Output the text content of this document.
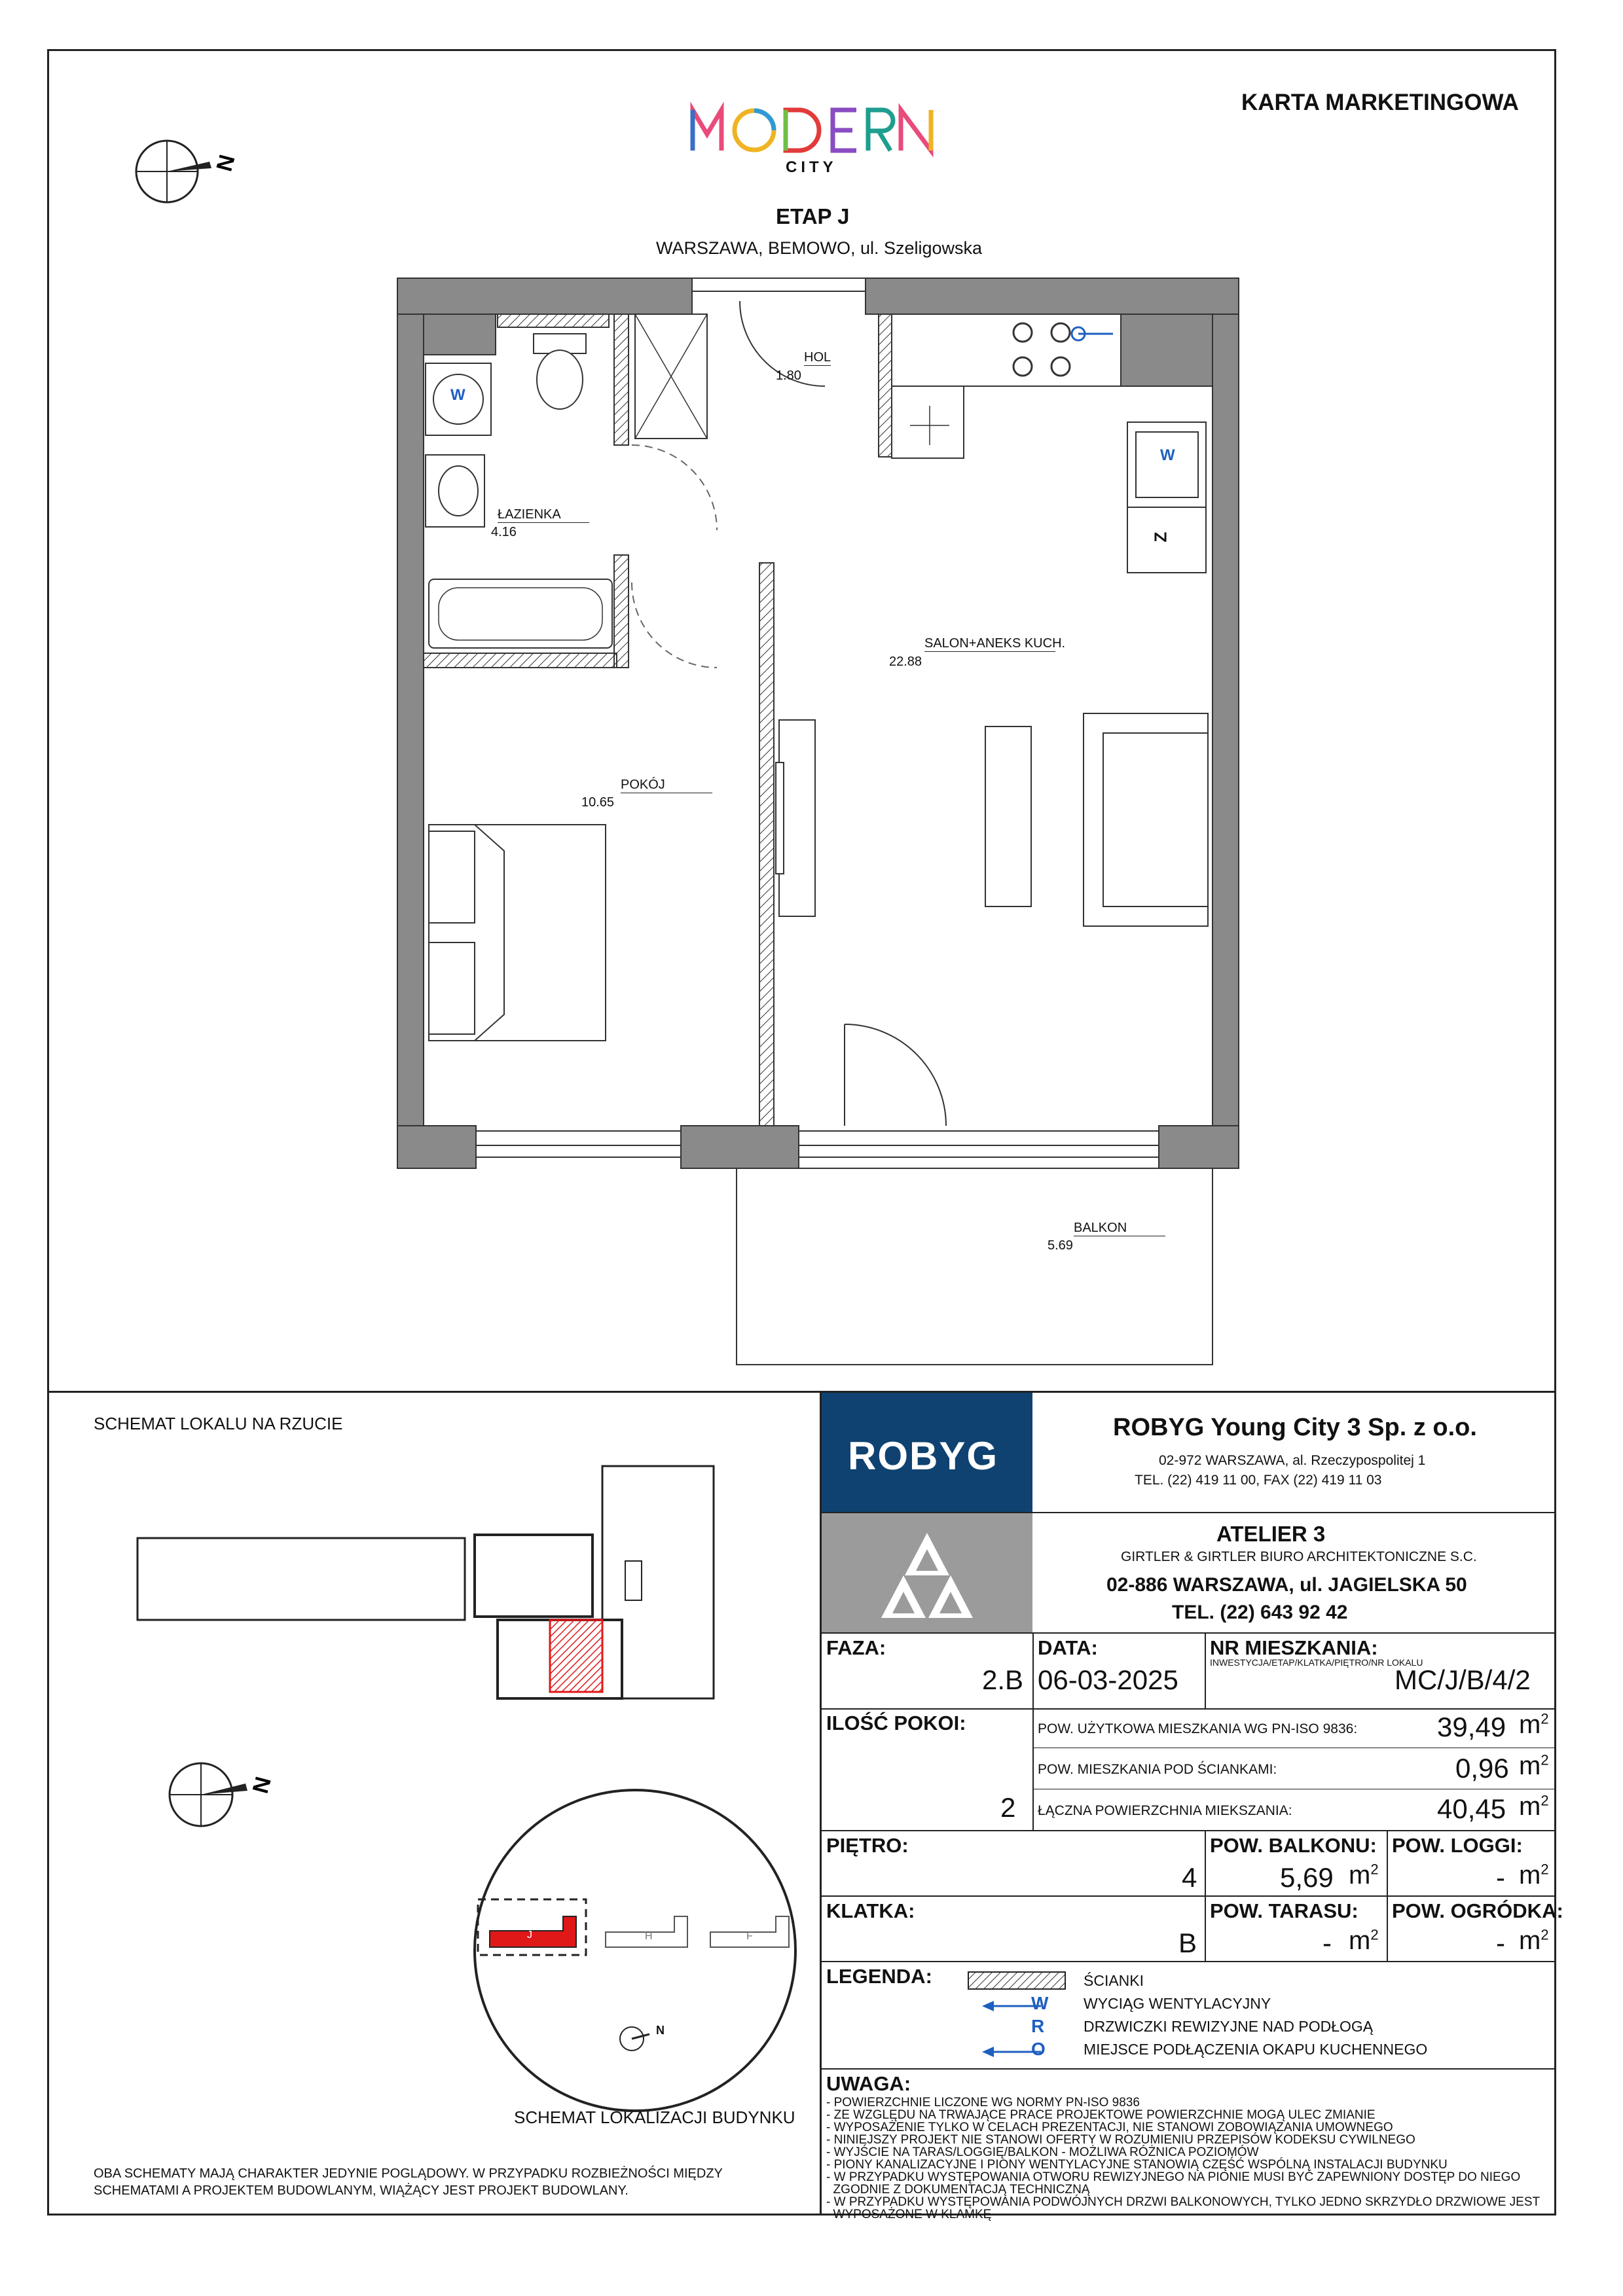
KARTA MARKETINGOWA
CITY
ETAP J
WARSZAWA, BEMOWO, ul. Szeligowska
N
HOL
1.80
ŁAZIENKA
4.16
SALON+ANEKS KUCH.
22.88
POKÓJ
10.65
BALKON
5.69
W
W
Z
SCHEMAT LOKALU NA RZUCIE
N
J	H	F
N
SCHEMAT LOKALIZACJI BUDYNKU
OBA SCHEMATY MAJĄ CHARAKTER JEDYNIE POGLĄDOWY. W PRZYPADKU ROZBIEŻNOŚCI MIĘDZY
SCHEMATAMI A PROJEKTEM BUDOWLANYM, WIĄŻĄCY JEST PROJEKT BUDOWLANY.
ROBYG
ROBYG Young City 3 Sp. z o.o.
02-972 WARSZAWA, al. Rzeczypospolitej 1
TEL. (22) 419 11 00, FAX (22) 419 11 03
ATELIER 3
GIRTLER & GIRTLER BIURO ARCHITEKTONICZNE S.C.
02-886 WARSZAWA, ul. JAGIELSKA 50
TEL. (22) 643 92 42
FAZA:
2.B
DATA:
06-03-2025
NR MIESZKANIA:
INWESTYCJA/ETAP/KLATKA/PIĘTRO/NR LOKALU
MC/J/B/4/2
ILOŚĆ POKOI:
2
POW. UŻYTKOWA MIESZKANIA WG PN-ISO 9836:	39,49 $m^2$
POW. MIESZKANIA POD ŚCIANKAMI:	0,96 $m^2$
ŁĄCZNA POWIERZCHNIA MIEKSZANIA:	40,45 $m^2$
PIĘTRO:
4
POW. BALKONU:
5,69 $m^2$
POW. LOGGI:
- $m^2$
KLATKA:
B
POW. TARASU:
- $m^2$
POW. OGRÓDKA:
- $m^2$
LEGENDA:	ŚCIANKI
W WYCIĄG WENTYLACYJNY
R	DRZWICZKI REWIZYJNE NAD PODŁOGĄ
O	MIEJSCE PODŁĄCZENIA OKAPU KUCHENNEGO
UWAGA:
- POWIERZCHNIE LICZONE WG NORMY PN-ISO 9836
- ZE WZGLĘDU NA TRWAJĄCE PRACE PROJEKTOWE POWIERZCHNIE MOGĄ ULEC ZMIANIE
- WYPOSAŻENIE TYLKO W CELACH PREZENTACJI, NIE STANOWI ZOBOWIĄZANIA UMOWNEGO
- NINIEJSZY PROJEKT NIE STANOWI OFERTY W ROZUMIENIU PRZEPISÓW KODEKSU CYWILNEGO
- WYJŚCIE NA TARAS/LOGGIĘ/BALKON - MOŻLIWA RÓŻNICA POZIOMÓW
- PIONY KANALIZACYJNE I PIONY WENTYLACYJNE STANOWIĄ CZĘŚĆ WSPÓLNĄ INSTALACJI BUDYNKU
- W PRZYPADKU WYSTĘPOWANIA OTWORU REWIZYJNEGO NA PIONIE MUSI BYĆ ZAPEWNIONY DOSTĘP DO NIEGO
ZGODNIE Z DOKUMENTACJĄ TECHNICZNĄ
- W PRZYPADKU WYSTĘPOWANIA PODWÓJNYCH DRZWI BALKONOWYCH, TYLKO JEDNO SKRZYDŁO DRZWIOWE JEST
WYPOSAŻONE W KLAMKĘ
